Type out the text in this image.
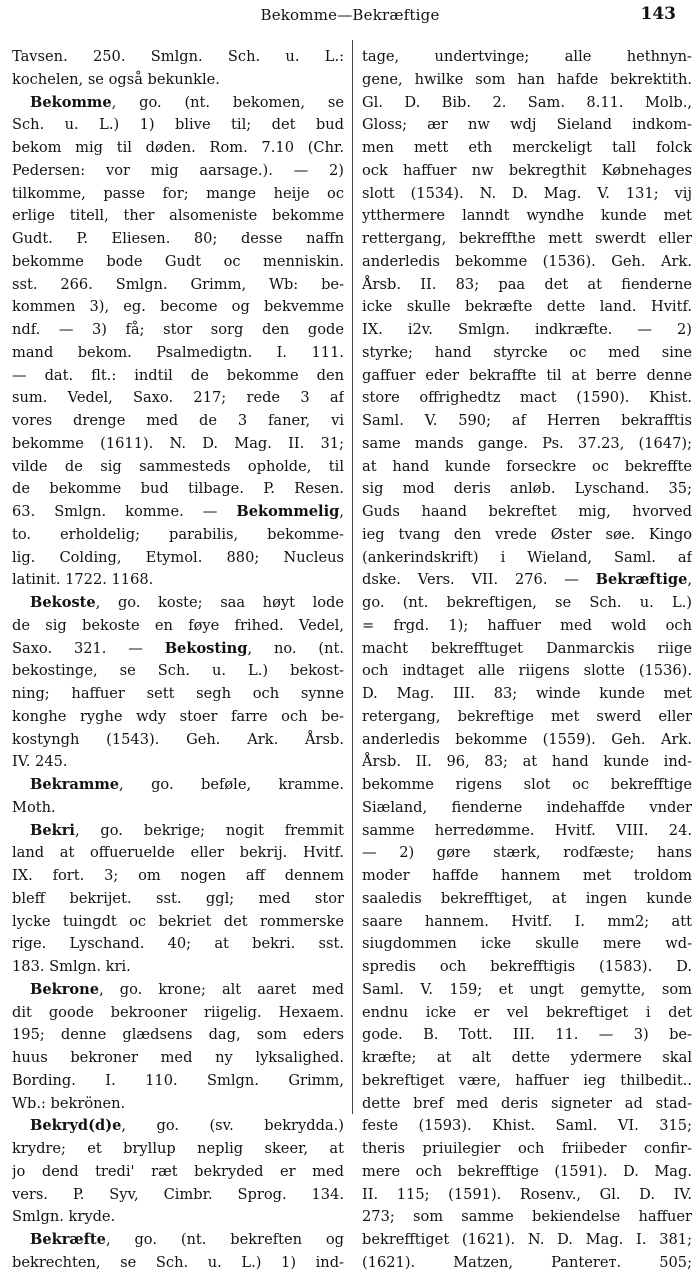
Bekomme—Bekræftige	143
Tavsen. 250. Smlgn. Sch. u. L.:
kochelen, se også bekunkle.
Bekomme, go. (nt. bekomen, se
Sch. u. L.) 1) blive til; det bud
bekom mig til døden. Rom. 7.10 (Chr.
Pedersen: vor mig aarsage.). — 2)
tilkomme, passe for; mange heije oc
erlige titell, ther alsomeniste bekomme
Gudt. P. Eliesen. 80; desse naffn
bekomme bode Gudt oc menniskin.
sst. 266. Smlgn. Grimm, Wb: be-
kommen 3), eg. become og bekvemme
ndf. — 3) få; stor sorg den gode
mand bekom. Psalmedigtn. I. 111.
— dat. flt.: indtil de bekomme den
sum. Vedel, Saxo. 217; rede 3 af
vores drenge med de 3 faner, vi
bekomme (1611). N. D. Mag. II. 31;
vilde de sig sammesteds opholde, til
de bekomme bud tilbage. P. Resen.
63. Smlgn. komme. — Bekommelig,
to. erholdelig; parabilis, bekomme-
lig. Colding, Etymol. 880; Nucleus
latinit. 1722. 1168.
Bekoste, go. koste; saa høyt lode
de sig bekoste en føye frihed. Vedel,
Saxo. 321. — Bekosting, no. (nt.
bekostinge, se Sch. u. L.) bekost-
ning; haffuer sett segh och synne
konghe ryghe wdy stoer farre och be-
kostyngh (1543). Geh. Ark. Årsb.
IV. 245.
Bekramme, go. beføle, kramme.
Moth.
Bekri, go. bekrige; nogit fremmit
land at offueruelde eller bekrij. Hvitf.
IX. fort. 3; om nogen aff dennem
bleff bekrijet. sst. ggl; med stor
lycke tuingdt oc bekriet det rommerske
rige. Lyschand. 40; at bekri. sst.
183. Smlgn. kri.
Bekrone, go. krone; alt aaret med
dit goode bekrooner riigelig. Hexaem.
195; denne glædsens dag, som eders
huus bekroner med ny lyksalighed.
Bording. I. 110. Smlgn. Grimm,
Wb.: bekrönen.
Bekryd(d)e, go. (sv. bekrydda.)
krydre; et bryllup neplig skeer, at
jo dend tredi' ræt bekryded er med
vers. P. Syv, Cimbr. Sprog. 134.
Smlgn. kryde.
Bekræfte, go. (nt. bekreften og
bekrechten, se Sch. u. L.) 1) ind-
tage, undertvinge; alle hethnyn-
gene, hwilke som han hafde bekrektith.
Gl. D. Bib. 2. Sam. 8.11. Molb.,
Gloss; ær nw wdj Sieland indkom-
men mett eth merckeligt tall folck
ock haffuer nw bekregthit Købnehages
slott (1534). N. D. Mag. V. 131; vij
ytthermere lanndt wyndhe kunde met
rettergang, bekreffthe mett swerdt eller
anderledis bekomme (1536). Geh. Ark.
Årsb. II. 83; paa det at fienderne
icke skulle bekræfte dette land. Hvitf.
IX. i2v. Smlgn. indkræfte. — 2)
styrke; hand styrcke oc med sine
gaffuer eder bekraffte til at berre denne
store offrighedtz mact (1590). Khist.
Saml. V. 590; af Herren bekrafftis
same mands gange. Ps. 37.23, (1647);
at hand kunde forseckre oc bekreffte
sig mod deris anløb. Lyschand. 35;
Guds haand bekreftet mig, hvorved
ieg tvang den vrede Øster søe. Kingo
(ankerindskrift) i Wieland, Saml. af
dske. Vers. VII. 276. — Bekræftige,
go. (nt. bekreftigen, se Sch. u. L.)
= frgd. 1); haffuer med wold och
macht bekrefftuget Danmarckis riige
och indtaget alle riigens slotte (1536).
D. Mag. III. 83; winde kunde met
retergang, bekreftige met swerd eller
anderledis bekomme (1559). Geh. Ark.
Årsb. II. 96, 83; at hand kunde ind-
bekomme rigens slot oc bekrefftige
Siæland, fienderne indehaffde vnder
samme herredømme. Hvitf. VIII. 24.
— 2) gøre stærk, rodfæste; hans
moder haffde hannem met troldom
saaledis bekrefftiget, at ingen kunde
saare hannem. Hvitf. I. mm2; att
siugdommen icke skulle mere wd-
spredis och bekrefftigis (1583). D.
Saml. V. 159; et ungt gemytte, som
endnu icke er vel bekreftiget i det
gode. B. Tott. III. 11. — 3) be-
kræfte; at alt dette ydermere skal
bekreftiget være, haffuer ieg thilbedit..
dette bref med deris signeter ad stad-
feste (1593). Khist. Saml. VI. 315;
theris priuilegier och friibeder confir-
mere och bekrefftige (1591). D. Mag.
II. 115; (1591). Rosenv., Gl. D. IV.
273; som samme bekiendelse haffuer
bekrefftiget (1621). N. D. Mag. I. 381;
(1621). Matzen, Panterет. 505;
